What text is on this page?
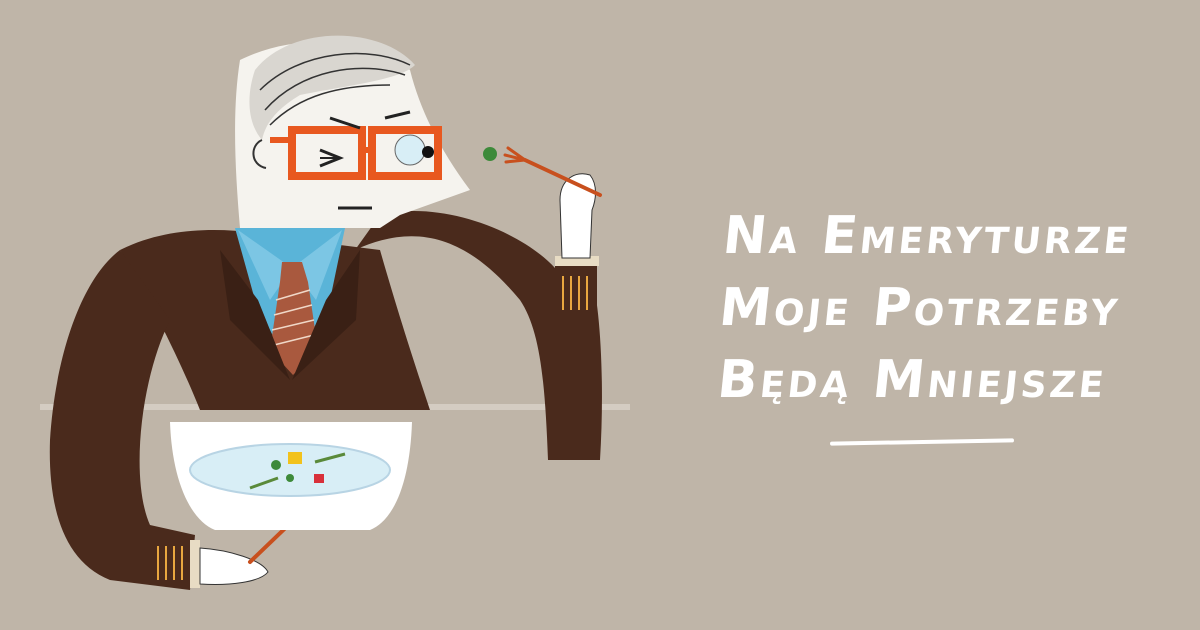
Na Emeryturze
Moje Potrzeby
Będą Mniejsze
